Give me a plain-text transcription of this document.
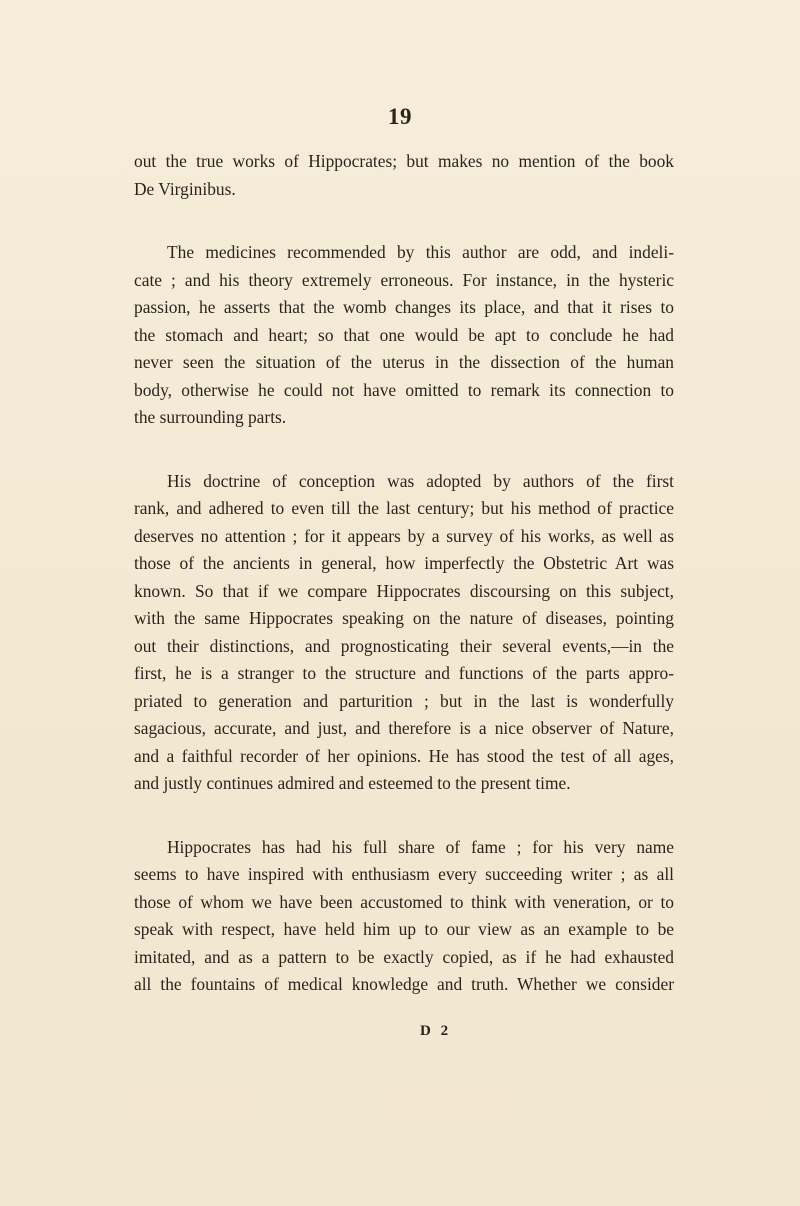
19

out the true works of Hippocrates; but makes no mention of the book
De Virginibus.
The medicines recommended by this author are odd, and indeli-
cate ; and his theory extremely erroneous. For instance, in the hysteric
passion, he asserts that the womb changes its place, and that it rises to
the stomach and heart; so that one would be apt to conclude he had
never seen the situation of the uterus in the dissection of the human
body, otherwise he could not have omitted to remark its connection to
the surrounding parts.
His doctrine of conception was adopted by authors of the first
rank, and adhered to even till the last century; but his method of practice
deserves no attention ; for it appears by a survey of his works, as well as
those of the ancients in general, how imperfectly the Obstetric Art was
known. So that if we compare Hippocrates discoursing on this subject,
with the same Hippocrates speaking on the nature of diseases, pointing
out their distinctions, and prognosticating their several events,—in the
first, he is a stranger to the structure and functions of the parts appro-
priated to generation and parturition ; but in the last is wonderfully
sagacious, accurate, and just, and therefore is a nice observer of Nature,
and a faithful recorder of her opinions. He has stood the test of all ages,
and justly continues admired and esteemed to the present time.
Hippocrates has had his full share of fame ; for his very name
seems to have inspired with enthusiasm every succeeding writer ; as all
those of whom we have been accustomed to think with veneration, or to
speak with respect, have held him up to our view as an example to be
imitated, and as a pattern to be exactly copied, as if he had exhausted
all the fountains of medical knowledge and truth. Whether we consider

D 2
